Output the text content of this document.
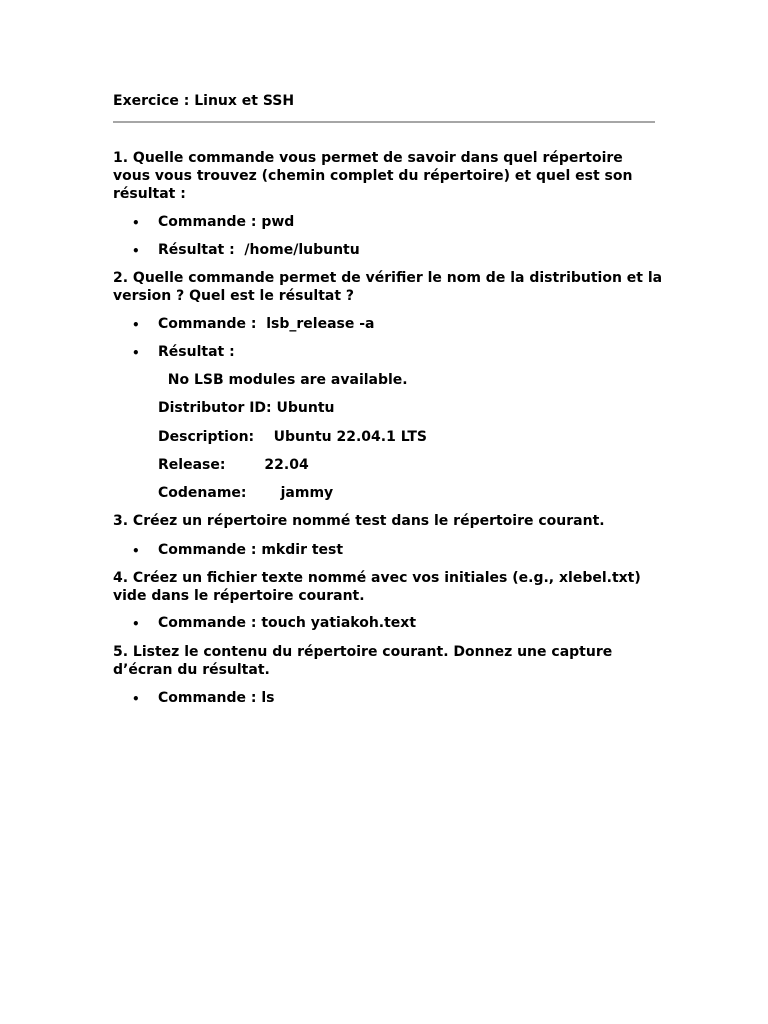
Exercice : Linux et SSH
1. Quelle commande vous permet de savoir dans quel répertoire
vous vous trouvez (chemin complet du répertoire) et quel est son
résultat :
• Commande : pwd
• Résultat :  /home/lubuntu
2. Quelle commande permet de vérifier le nom de la distribution et la
version ? Quel est le résultat ?
• Commande :  lsb_release -a
• Résultat :
No LSB modules are available.
Distributor ID: Ubuntu
Description:    Ubuntu 22.04.1 LTS
Release:        22.04
Codename:       jammy
3. Créez un répertoire nommé test dans le répertoire courant.
• Commande : mkdir test
4. Créez un fichier texte nommé avec vos initiales (e.g., xlebel.txt)
vide dans le répertoire courant.
• Commande : touch yatiakoh.text
5. Listez le contenu du répertoire courant. Donnez une capture
d’écran du résultat.
• Commande : ls
